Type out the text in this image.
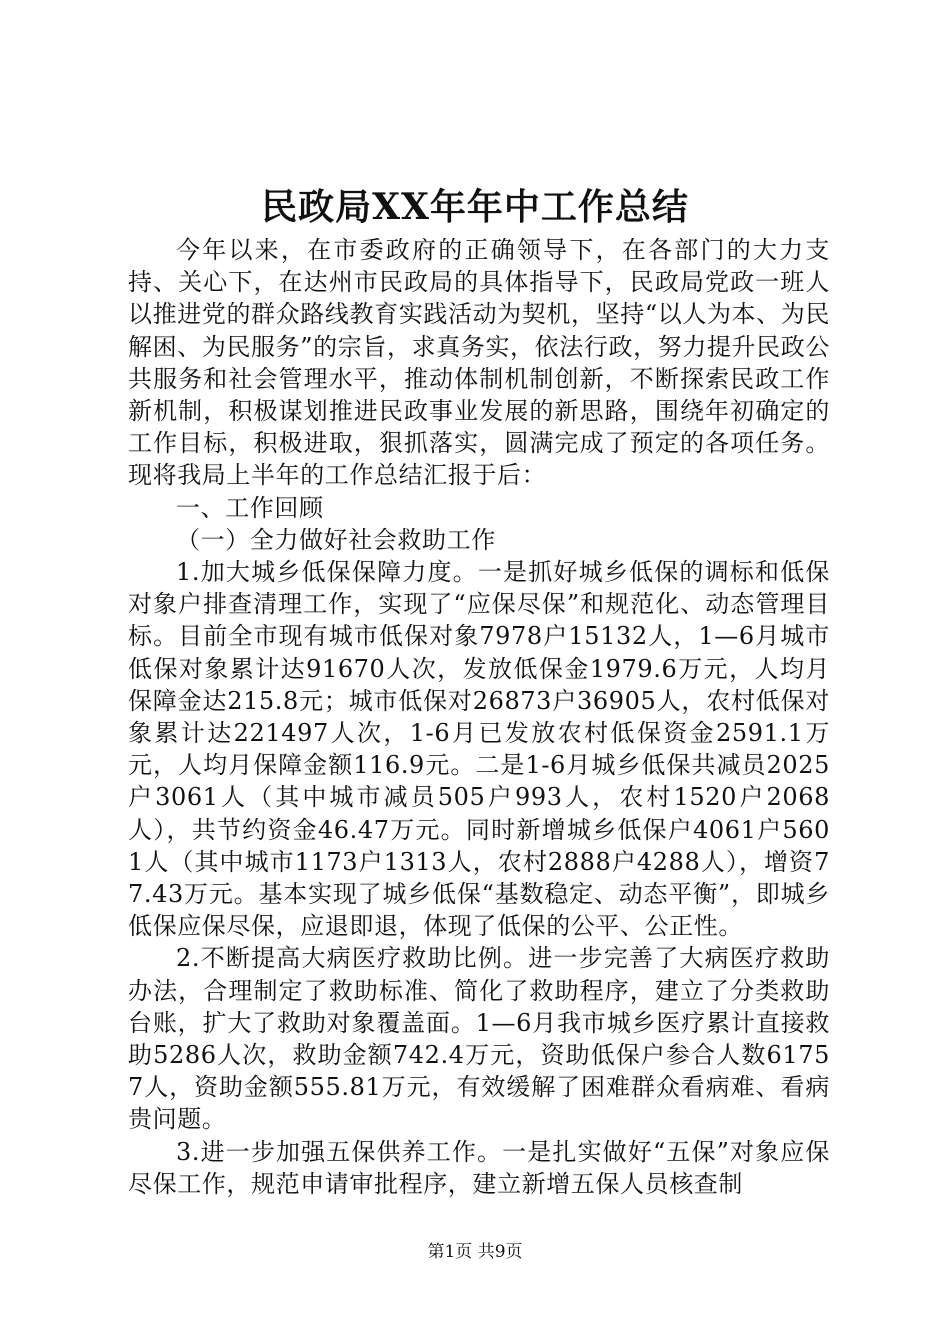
民政局XX年年中工作总结

今年以来，在市委政府的正确领导下，在各部门的大力支持、关心下，在达州市民政局的具体指导下，民政局党政一班人以推进党的群众路线教育实践活动为契机，坚持“以人为本、为民解困、为民服务”的宗旨，求真务实，依法行政，努力提升民政公共服务和社会管理水平，推动体制机制创新，不断探索民政工作新机制，积极谋划推进民政事业发展的新思路，围绕年初确定的工作目标，积极进取，狠抓落实，圆满完成了预定的各项任务。现将我局上半年的工作总结汇报于后：

一、工作回顾

（一）全力做好社会救助工作

1.加大城乡低保保障力度。一是抓好城乡低保的调标和低保对象户排查清理工作，实现了“应保尽保”和规范化、动态管理目标。目前全市现有城市低保对象7978户15132人，1—6月城市低保对象累计达91670人次，发放低保金1979.6万元，人均月保障金达215.8元；城市低保对26873户36905人，农村低保对象累计达221497人次，1-6月已发放农村低保资金2591.1万元，人均月保障金额116.9元。二是1-6月城乡低保共减员2025户3061人（其中城市减员505户993人，农村1520户2068人），共节约资金46.47万元。同时新增城乡低保户4061户5601人（其中城市1173户1313人，农村2888户4288人），增资77.43万元。基本实现了城乡低保“基数稳定、动态平衡”，即城乡低保应保尽保，应退即退，体现了低保的公平、公正性。

2.不断提高大病医疗救助比例。进一步完善了大病医疗救助办法，合理制定了救助标准、简化了救助程序，建立了分类救助台账，扩大了救助对象覆盖面。1—6月我市城乡医疗累计直接救助5286人次，救助金额742.4万元，资助低保户参合人数61757人，资助金额555.81万元，有效缓解了困难群众看病难、看病贵问题。

3.进一步加强五保供养工作。一是扎实做好“五保”对象应保尽保工作，规范申请审批程序，建立新增五保人员核查制

第1页 共9页
